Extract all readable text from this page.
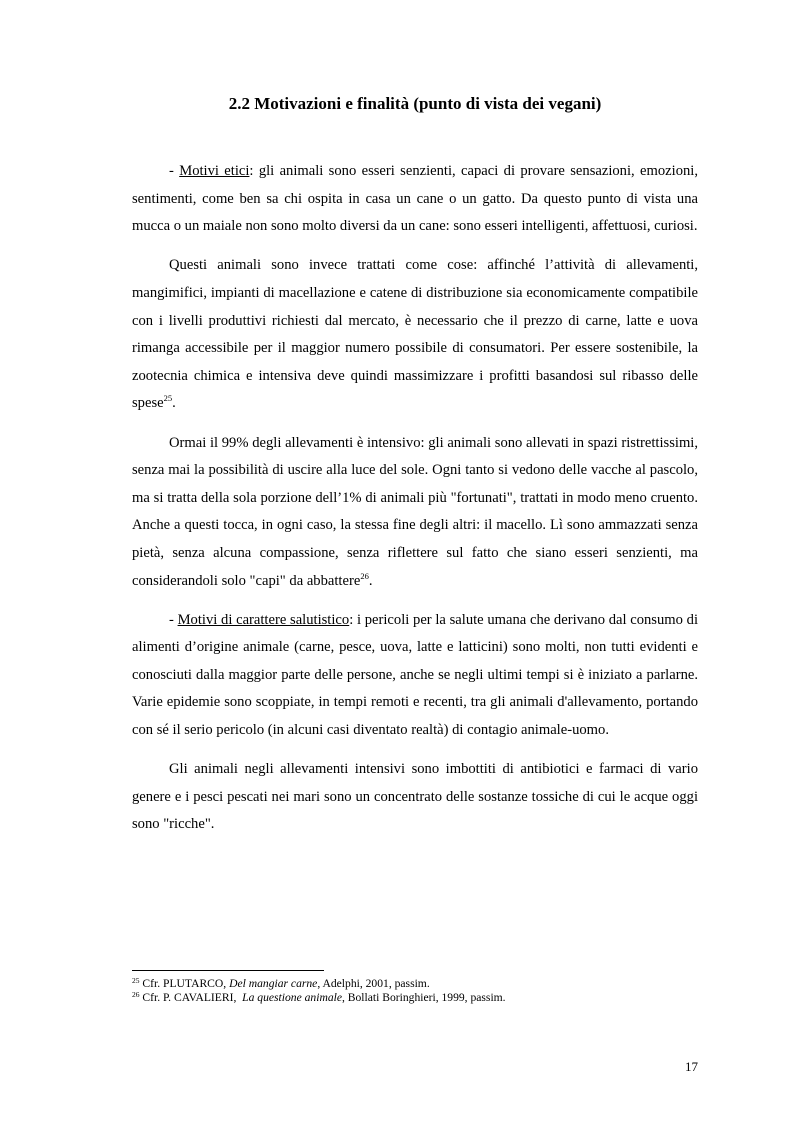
2.2 Motivazioni e finalità (punto di vista dei vegani)

- Motivi etici: gli animali sono esseri senzienti, capaci di provare sensazioni, emozioni, sentimenti, come ben sa chi ospita in casa un cane o un gatto. Da questo punto di vista una mucca o un maiale non sono molto diversi da un cane: sono esseri intelligenti, affettuosi, curiosi.

Questi animali sono invece trattati come cose: affinché l’attività di allevamenti, mangimifici, impianti di macellazione e catene di distribuzione sia economicamente compatibile con i livelli produttivi richiesti dal mercato, è necessario che il prezzo di carne, latte e uova rimanga accessibile per il maggior numero possibile di consumatori. Per essere sostenibile, la zootecnia chimica e intensiva deve quindi massimizzare i profitti basandosi sul ribasso delle spese$^{25}$.

Ormai il 99% degli allevamenti è intensivo: gli animali sono allevati in spazi ristrettissimi, senza mai la possibilità di uscire alla luce del sole. Ogni tanto si vedono delle vacche al pascolo, ma si tratta della sola porzione dell’1% di animali più "fortunati", trattati in modo meno cruento. Anche a questi tocca, in ogni caso, la stessa fine degli altri: il macello. Lì sono ammazzati senza pietà, senza alcuna compassione, senza riflettere sul fatto che siano esseri senzienti, ma considerandoli solo "capi" da abbattere$^{26}$.

- Motivi di carattere salutistico: i pericoli per la salute umana che derivano dal consumo di alimenti d’origine animale (carne, pesce, uova, latte e latticini) sono molti, non tutti evidenti e conosciuti dalla maggior parte delle persone, anche se negli ultimi tempi si è iniziato a parlarne. Varie epidemie sono scoppiate, in tempi remoti e recenti, tra gli animali d'allevamento, portando con sé il serio pericolo (in alcuni casi diventato realtà) di contagio animale-uomo.

Gli animali negli allevamenti intensivi sono imbottiti di antibiotici e farmaci di vario genere e i pesci pescati nei mari sono un concentrato delle sostanze tossiche di cui le acque oggi sono "ricche".

$^{25}$ Cfr. PLUTARCO, Del mangiar carne, Adelphi, 2001, passim.
$^{26}$ Cfr. P. CAVALIERI,  La questione animale, Bollati Boringhieri, 1999, passim.
17
